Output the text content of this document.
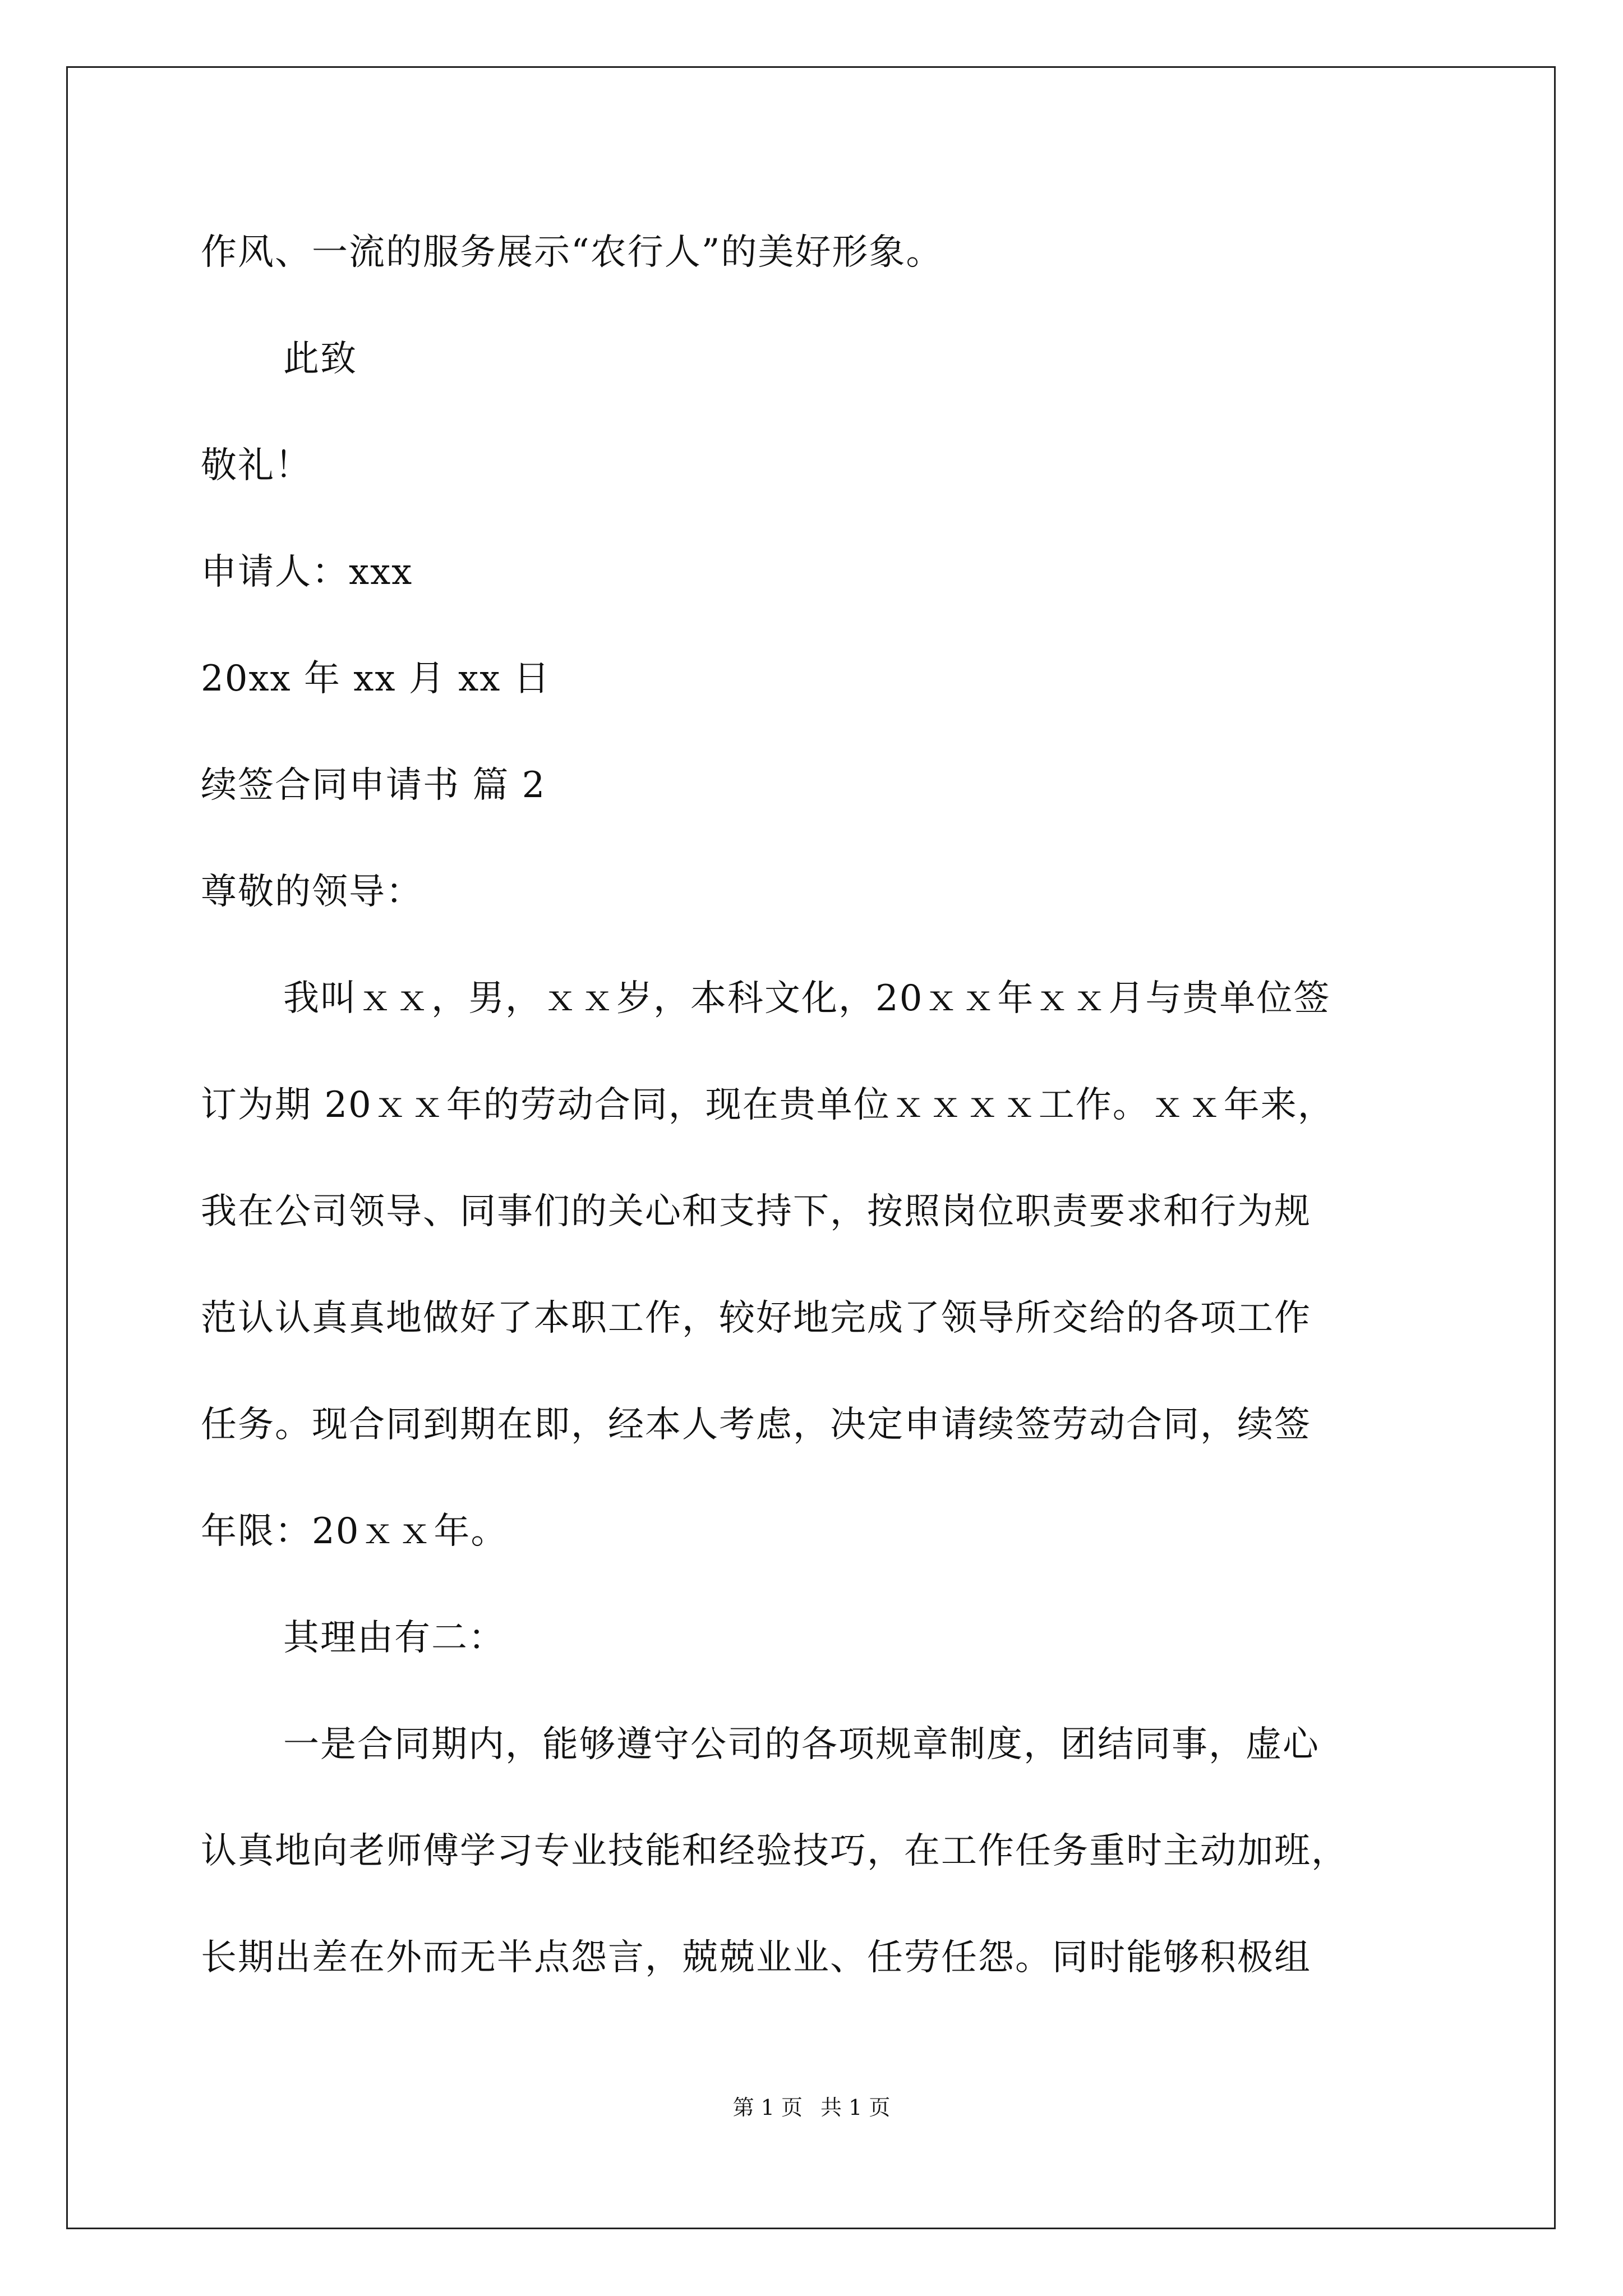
作风、一流的服务展示“农行人”的美好形象。
此致
敬礼！
申请人：xxx
20xx 年 xx 月 xx 日
续签合同申请书 篇 2
尊敬的领导：
我叫ｘｘ，男，ｘｘ岁，本科文化，20ｘｘ年ｘｘ月与贵单位签
订为期 20ｘｘ年的劳动合同，现在贵单位ｘｘｘｘ工作。ｘｘ年来，
我在公司领导、同事们的关心和支持下，按照岗位职责要求和行为规
范认认真真地做好了本职工作，较好地完成了领导所交给的各项工作
任务。现合同到期在即，经本人考虑，决定申请续签劳动合同，续签
年限：20ｘｘ年。
其理由有二：
一是合同期内，能够遵守公司的各项规章制度，团结同事，虚心
认真地向老师傅学习专业技能和经验技巧，在工作任务重时主动加班，
长期出差在外而无半点怨言，兢兢业业、任劳任怨。同时能够积极组
第 1 页 共 1 页
